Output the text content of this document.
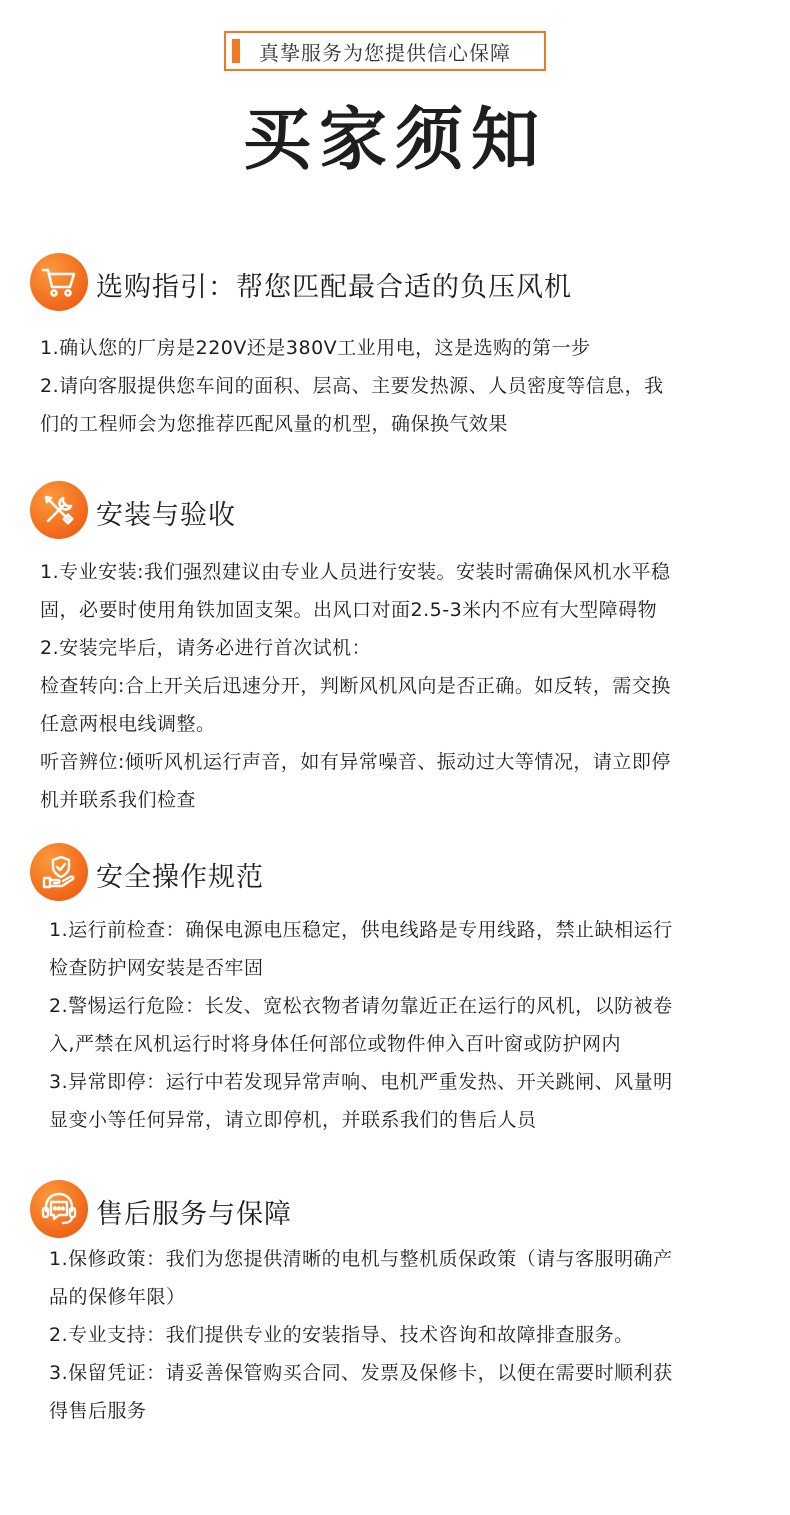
真挚服务为您提供信心保障
买家须知
选购指引：帮您匹配最合适的负压风机
1.确认您的厂房是220V还是380V工业用电，这是选购的第一步
2.请向客服提供您车间的面积、层高、主要发热源、人员密度等信息，我
们的工程师会为您推荐匹配风量的机型，确保换气效果
安装与验收
1.专业安装:我们强烈建议由专业人员进行安装。安装时需确保风机水平稳
固，必要时使用角铁加固支架。出风口对面2.5-3米内不应有大型障碍物
2.安装完毕后，请务必进行首次试机：
检查转向:合上开关后迅速分开，判断风机风向是否正确。如反转，需交换
任意两根电线调整。
听音辨位:倾听风机运行声音，如有异常噪音、振动过大等情况，请立即停
机并联系我们检查
安全操作规范
1.运行前检查：确保电源电压稳定，供电线路是专用线路，禁止缺相运行
检查防护网安装是否牢固
2.警惕运行危险：长发、宽松衣物者请勿靠近正在运行的风机，以防被卷
入,严禁在风机运行时将身体任何部位或物件伸入百叶窗或防护网内
3.异常即停：运行中若发现异常声响、电机严重发热、开关跳闸、风量明
显变小等任何异常，请立即停机，并联系我们的售后人员
售后服务与保障
1.保修政策：我们为您提供清晰的电机与整机质保政策（请与客服明确产
品的保修年限）
2.专业支持：我们提供专业的安装指导、技术咨询和故障排查服务。
3.保留凭证：请妥善保管购买合同、发票及保修卡，以便在需要时顺利获
得售后服务
